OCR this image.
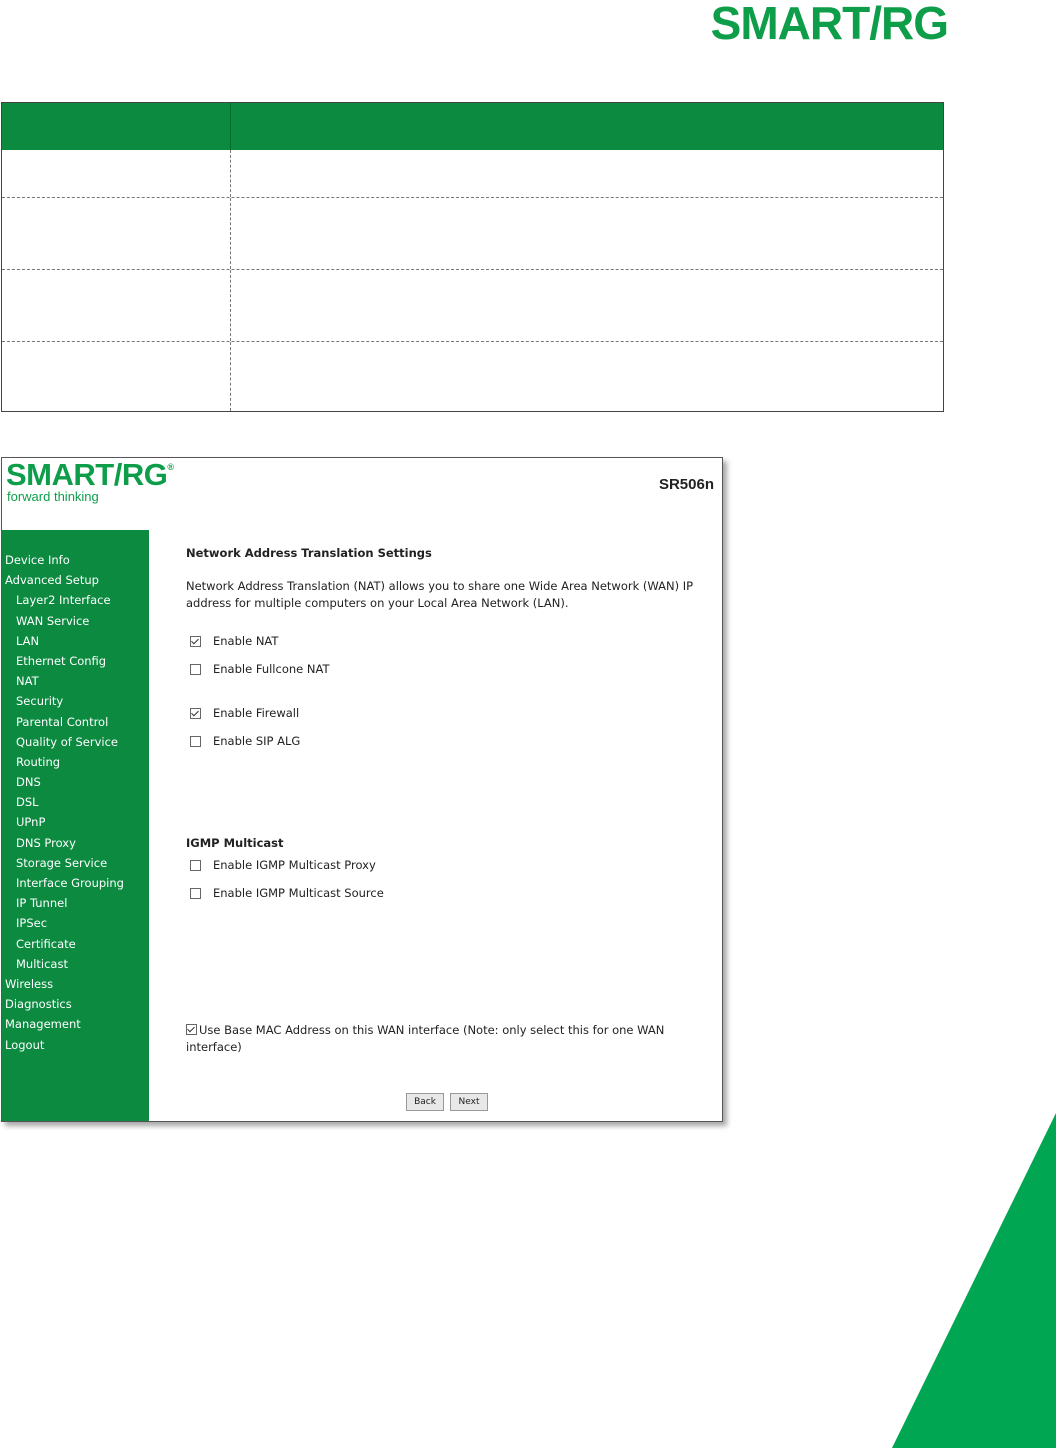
SMART/RG
SMART/RG®
forward thinking
SR506n
Device Info
Advanced Setup
Layer2 Interface
WAN Service
LAN
Ethernet Config
NAT
Security
Parental Control
Quality of Service
Routing
DNS
DSL
UPnP
DNS Proxy
Storage Service
Interface Grouping
IP Tunnel
IPSec
Certificate
Multicast
Wireless
Diagnostics
Management
Logout
Network Address Translation Settings
Network Address Translation (NAT) allows you to share one Wide Area Network (WAN) IP address for multiple computers on your Local Area Network (LAN).
Enable NAT
Enable Fullcone NAT
Enable Firewall
Enable SIP ALG
IGMP Multicast
Enable IGMP Multicast Proxy
Enable IGMP Multicast Source
Use Base MAC Address on this WAN interface (Note: only select this for one WAN interface)
Back	Next
